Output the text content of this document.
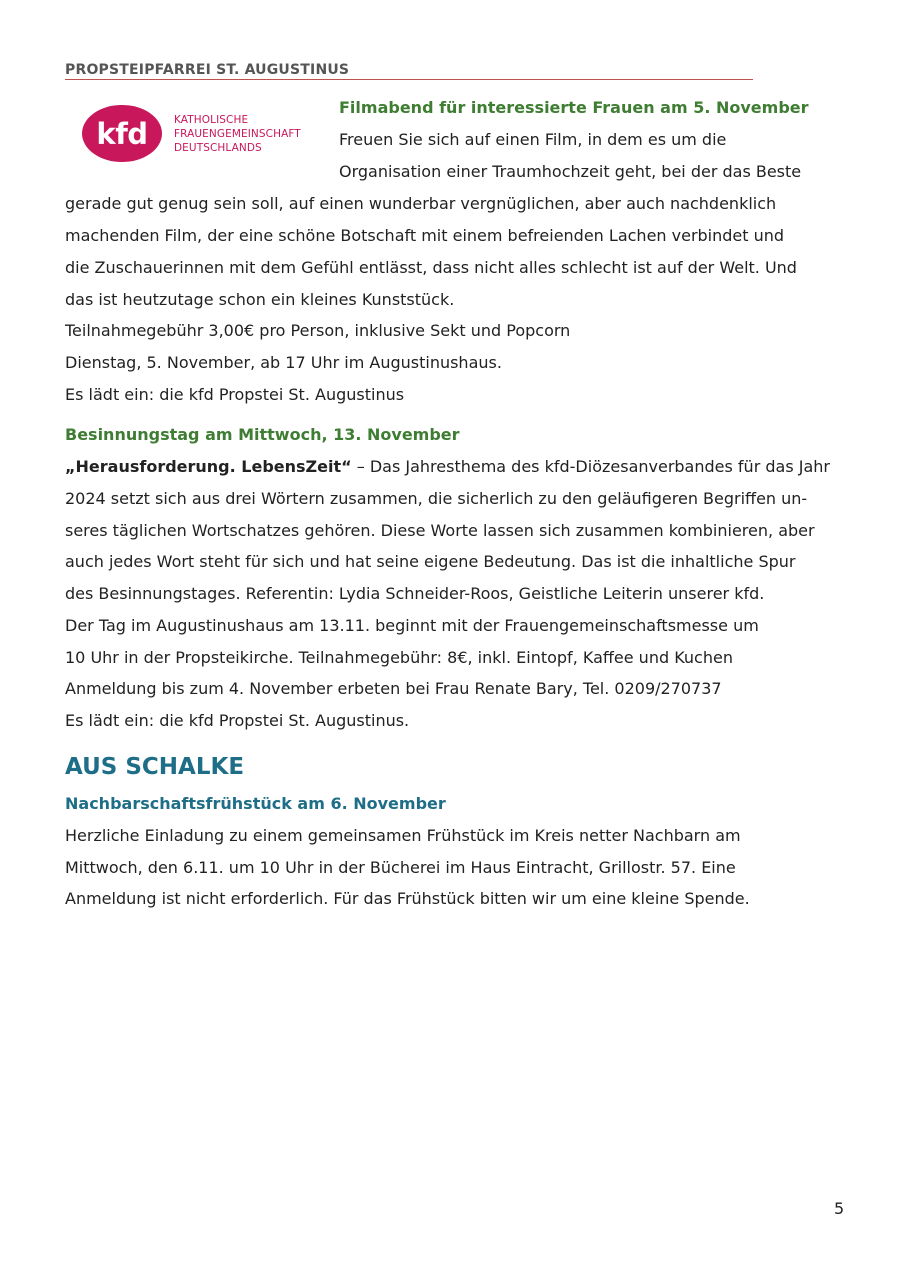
PROPSTEIPFARREI ST. AUGUSTINUS
kfd	KATHOLISCHE
FRAUENGEMEINSCHAFT
DEUTSCHLANDS
Filmabend für interessierte Frauen am 5. November
Freuen Sie sich auf einen Film, in dem es um die
Organisation einer Traumhochzeit geht, bei der das Beste
gerade gut genug sein soll, auf einen wunderbar vergnüglichen, aber auch nachdenklich
machenden Film, der eine schöne Botschaft mit einem befreienden Lachen verbindet und
die Zuschauerinnen mit dem Gefühl entlässt, dass nicht alles schlecht ist auf der Welt. Und
das ist heutzutage schon ein kleines Kunststück.
Teilnahmegebühr 3,00€ pro Person, inklusive Sekt und Popcorn
Dienstag, 5. November, ab 17 Uhr im Augustinushaus.
Es lädt ein: die kfd Propstei St. Augustinus
Besinnungstag am Mittwoch, 13. November
„Herausforderung. LebensZeit“ – Das Jahresthema des kfd-Diözesanverbandes für das Jahr
2024 setzt sich aus drei Wörtern zusammen, die sicherlich zu den geläufigeren Begriffen un-
seres täglichen Wortschatzes gehören. Diese Worte lassen sich zusammen kombinieren, aber
auch jedes Wort steht für sich und hat seine eigene Bedeutung. Das ist die inhaltliche Spur
des Besinnungstages. Referentin: Lydia Schneider-Roos, Geistliche Leiterin unserer kfd.
Der Tag im Augustinushaus am 13.11. beginnt mit der Frauengemeinschaftsmesse um
10 Uhr in der Propsteikirche. Teilnahmegebühr: 8€, inkl. Eintopf, Kaffee und Kuchen
Anmeldung bis zum 4. November erbeten bei Frau Renate Bary, Tel. 0209/270737
Es lädt ein: die kfd Propstei St. Augustinus.
AUS SCHALKE
Nachbarschaftsfrühstück am 6. November
Herzliche Einladung zu einem gemeinsamen Frühstück im Kreis netter Nachbarn am
Mittwoch, den 6.11. um 10 Uhr in der Bücherei im Haus Eintracht, Grillostr. 57. Eine
Anmeldung ist nicht erforderlich. Für das Frühstück bitten wir um eine kleine Spende.
5
